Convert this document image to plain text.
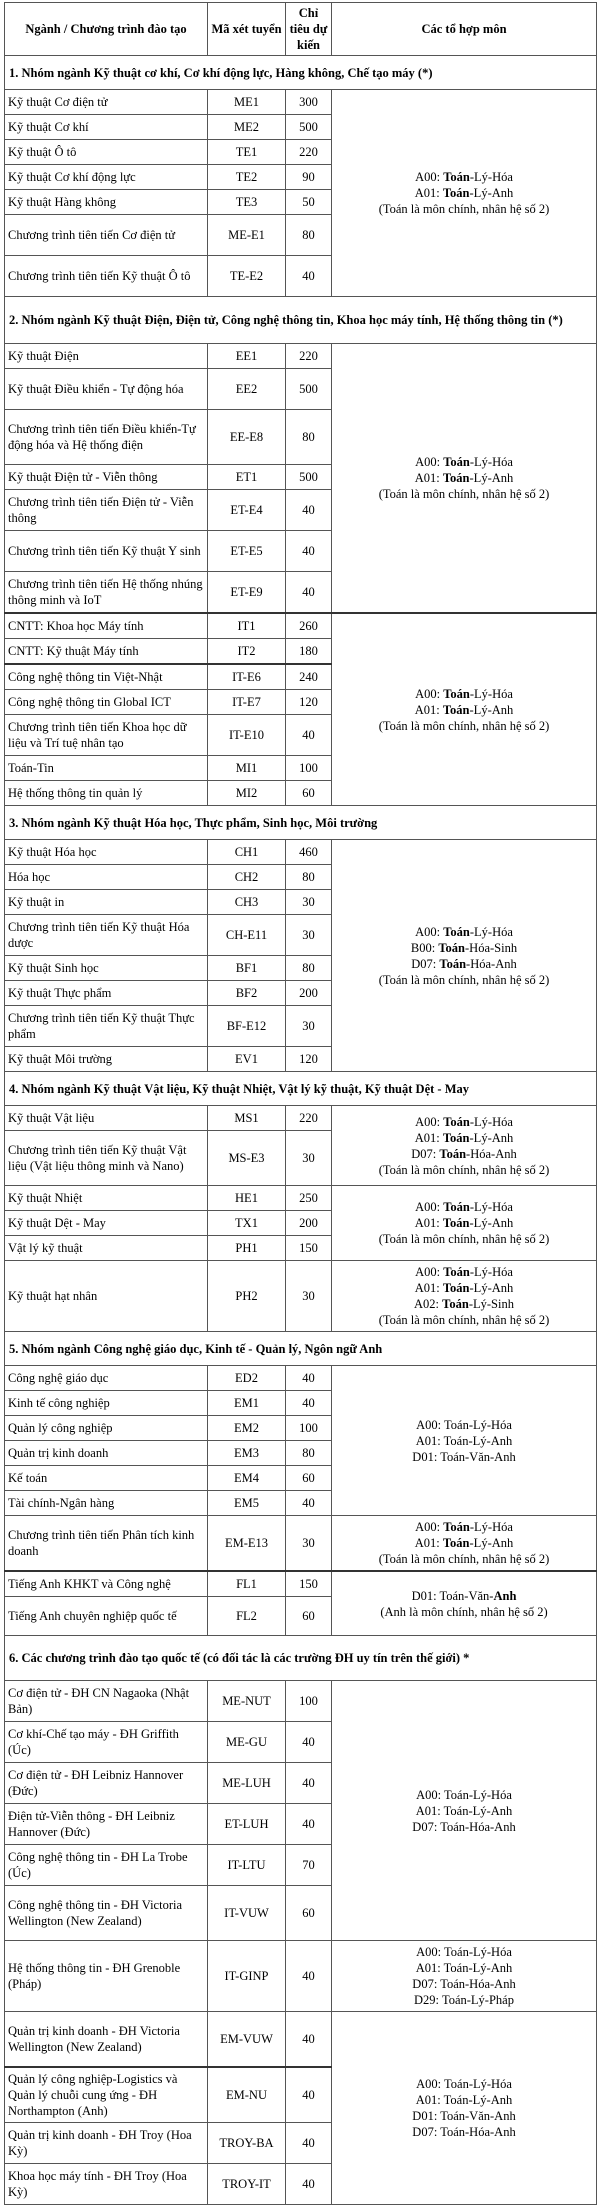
Ngành / Chương trình đào tạo	Mã xét tuyển	Chỉ tiêu dự kiến	Các tổ hợp môn
1. Nhóm ngành Kỹ thuật cơ khí, Cơ khí động lực, Hàng không, Chế tạo máy (*)			
Kỹ thuật Cơ điện tử	ME1	300	A00: Toán-Lý-Hóa
A01: Toán-Lý-Anh
(Toán là môn chính, nhân hệ số 2)

Kỹ thuật Cơ khí	ME2	500	
Kỹ thuật Ô tô	TE1	220	
Kỹ thuật Cơ khí động lực	TE2	90	
Kỹ thuật Hàng không	TE3	50	
Chương trình tiên tiến Cơ điện tử	ME-E1	80	
Chương trình tiên tiến Kỹ thuật Ô tô	TE-E2	40	
2. Nhóm ngành Kỹ thuật Điện, Điện tử, Công nghệ thông tin, Khoa học máy tính, Hệ thống thông tin (*)			
Kỹ thuật Điện	EE1	220	A00: Toán-Lý-Hóa
A01: Toán-Lý-Anh
(Toán là môn chính, nhân hệ số 2)

Kỹ thuật Điều khiển - Tự động hóa	EE2	500	
Chương trình tiên tiến Điều khiển-Tự động hóa và Hệ thống điện	EE-E8	80	
Kỹ thuật Điện tử - Viễn thông	ET1	500	
Chương trình tiên tiến Điện tử - Viễn thông	ET-E4	40	
Chương trình tiên tiến Kỹ thuật Y sinh	ET-E5	40	
Chương trình tiên tiến Hệ thống nhúng thông minh và IoT	ET-E9	40	
CNTT: Khoa học Máy tính	IT1	260	A00: Toán-Lý-Hóa
A01: Toán-Lý-Anh
(Toán là môn chính, nhân hệ số 2)

CNTT: Kỹ thuật Máy tính	IT2	180	
Công nghệ thông tin Việt-Nhật	IT-E6	240	
Công nghệ thông tin Global ICT	IT-E7	120	
Chương trình tiên tiến Khoa học dữ liệu và Trí tuệ nhân tạo	IT-E10	40	
Toán-Tin	MI1	100	
Hệ thống thông tin quản lý	MI2	60	
3. Nhóm ngành Kỹ thuật Hóa học, Thực phẩm, Sinh học, Môi trường			
Kỹ thuật Hóa học	CH1	460	A00: Toán-Lý-Hóa
B00: Toán-Hóa-Sinh
D07: Toán-Hóa-Anh
(Toán là môn chính, nhân hệ số 2)

Hóa học	CH2	80	
Kỹ thuật in	CH3	30	
Chương trình tiên tiến Kỹ thuật Hóa dược	CH-E11	30	
Kỹ thuật Sinh học	BF1	80	
Kỹ thuật Thực phẩm	BF2	200	
Chương trình tiên tiến Kỹ thuật Thực phẩm	BF-E12	30	
Kỹ thuật Môi trường	EV1	120	
4. Nhóm ngành Kỹ thuật Vật liệu, Kỹ thuật Nhiệt, Vật lý kỹ thuật, Kỹ thuật Dệt - May			
Kỹ thuật Vật liệu	MS1	220	A00: Toán-Lý-Hóa
A01: Toán-Lý-Anh
D07: Toán-Hóa-Anh
(Toán là môn chính, nhân hệ số 2)

Chương trình tiên tiến Kỹ thuật Vật liệu (Vật liệu thông minh và Nano)	MS-E3	30	
Kỹ thuật Nhiệt	HE1	250	A00: Toán-Lý-Hóa
A01: Toán-Lý-Anh
(Toán là môn chính, nhân hệ số 2)

Kỹ thuật Dệt - May	TX1	200	
Vật lý kỹ thuật	PH1	150	
Kỹ thuật hạt nhân	PH2	30	A00: Toán-Lý-Hóa
A01: Toán-Lý-Anh
A02: Toán-Lý-Sinh
(Toán là môn chính, nhân hệ số 2)

5. Nhóm ngành Công nghệ giáo dục, Kinh tế - Quản lý, Ngôn ngữ Anh			
Công nghệ giáo dục	ED2	40	A00: Toán-Lý-Hóa
A01: Toán-Lý-Anh
D01: Toán-Văn-Anh

Kinh tế công nghiệp	EM1	40	
Quản lý công nghiệp	EM2	100	
Quản trị kinh doanh	EM3	80	
Kế toán	EM4	60	
Tài chính-Ngân hàng	EM5	40	
Chương trình tiên tiến Phân tích kinh doanh	EM-E13	30	A00: Toán-Lý-Hóa
A01: Toán-Lý-Anh
(Toán là môn chính, nhân hệ số 2)

Tiếng Anh KHKT và Công nghệ	FL1	150	D01: Toán-Văn-Anh
(Anh là môn chính, nhân hệ số 2)

Tiếng Anh chuyên nghiệp quốc tế	FL2	60	
6. Các chương trình đào tạo quốc tế (có đối tác là các trường ĐH uy tín trên thế giới) *			
Cơ điện tử - ĐH CN Nagaoka (Nhật Bản)	ME-NUT	100	A00: Toán-Lý-Hóa
A01: Toán-Lý-Anh
D07: Toán-Hóa-Anh

Cơ khí-Chế tạo máy - ĐH Griffith (Úc)	ME-GU	40	
Cơ điện tử - ĐH Leibniz Hannover (Đức)	ME-LUH	40	
Điện tử-Viễn thông - ĐH Leibniz Hannover (Đức)	ET-LUH	40	
Công nghệ thông tin - ĐH La Trobe (Úc)	IT-LTU	70	
Công nghệ thông tin - ĐH Victoria Wellington (New Zealand)	IT-VUW	60	
Hệ thống thông tin - ĐH Grenoble (Pháp)	IT-GINP	40	A00: Toán-Lý-Hóa
A01: Toán-Lý-Anh
D07: Toán-Hóa-Anh
D29: Toán-Lý-Pháp

Quản trị kinh doanh - ĐH Victoria Wellington (New Zealand)	EM-VUW	40	A00: Toán-Lý-Hóa
A01: Toán-Lý-Anh
D01: Toán-Văn-Anh
D07: Toán-Hóa-Anh

Quản lý công nghiệp-Logistics và Quản lý chuỗi cung ứng - ĐH Northampton (Anh)	EM-NU	40	
Quản trị kinh doanh - ĐH Troy (Hoa Kỳ)	TROY-BA	40	
Khoa học máy tính - ĐH Troy (Hoa Kỳ)	TROY-IT	40	
